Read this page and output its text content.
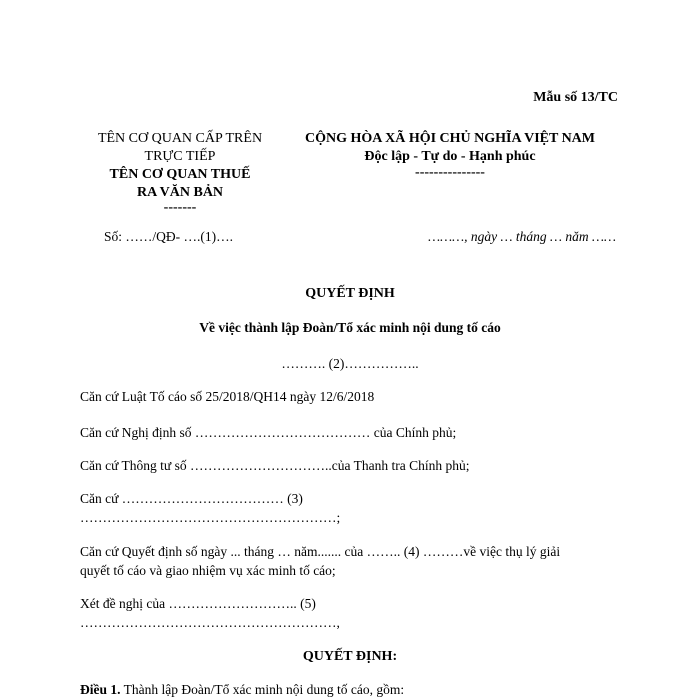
Mẫu số 13/TC
TÊN CƠ QUAN CẤP TRÊN
TRỰC TIẾP
TÊN CƠ QUAN THUẾ
RA VĂN BẢN
-------
CỘNG HÒA XÃ HỘI CHỦ NGHĨA VIỆT NAM
Độc lập - Tự do - Hạnh phúc
---------------
Số: ……/QĐ- ….(1)….	………, ngày … tháng … năm ……
QUYẾT ĐỊNH
Về việc thành lập Đoàn/Tổ xác minh nội dung tố cáo
………. (2)……………..
Căn cứ Luật Tố cáo số 25/2018/QH14 ngày 12/6/2018
Căn cứ Nghị định số ………………………………… của Chính phủ;
Căn cứ Thông tư số …………………………..của Thanh tra Chính phủ;
Căn cứ ……………………………… (3)
…………………………………………………;
Căn cứ Quyết định số ngày ... tháng … năm....... của …….. (4) ………về việc thụ lý giải
quyết tố cáo và giao nhiệm vụ xác minh tố cáo;
Xét đề nghị của ……………………….. (5)
…………………………………………………,
QUYẾT ĐỊNH:
Điều 1. Thành lập Đoàn/Tổ xác minh nội dung tố cáo, gồm:
